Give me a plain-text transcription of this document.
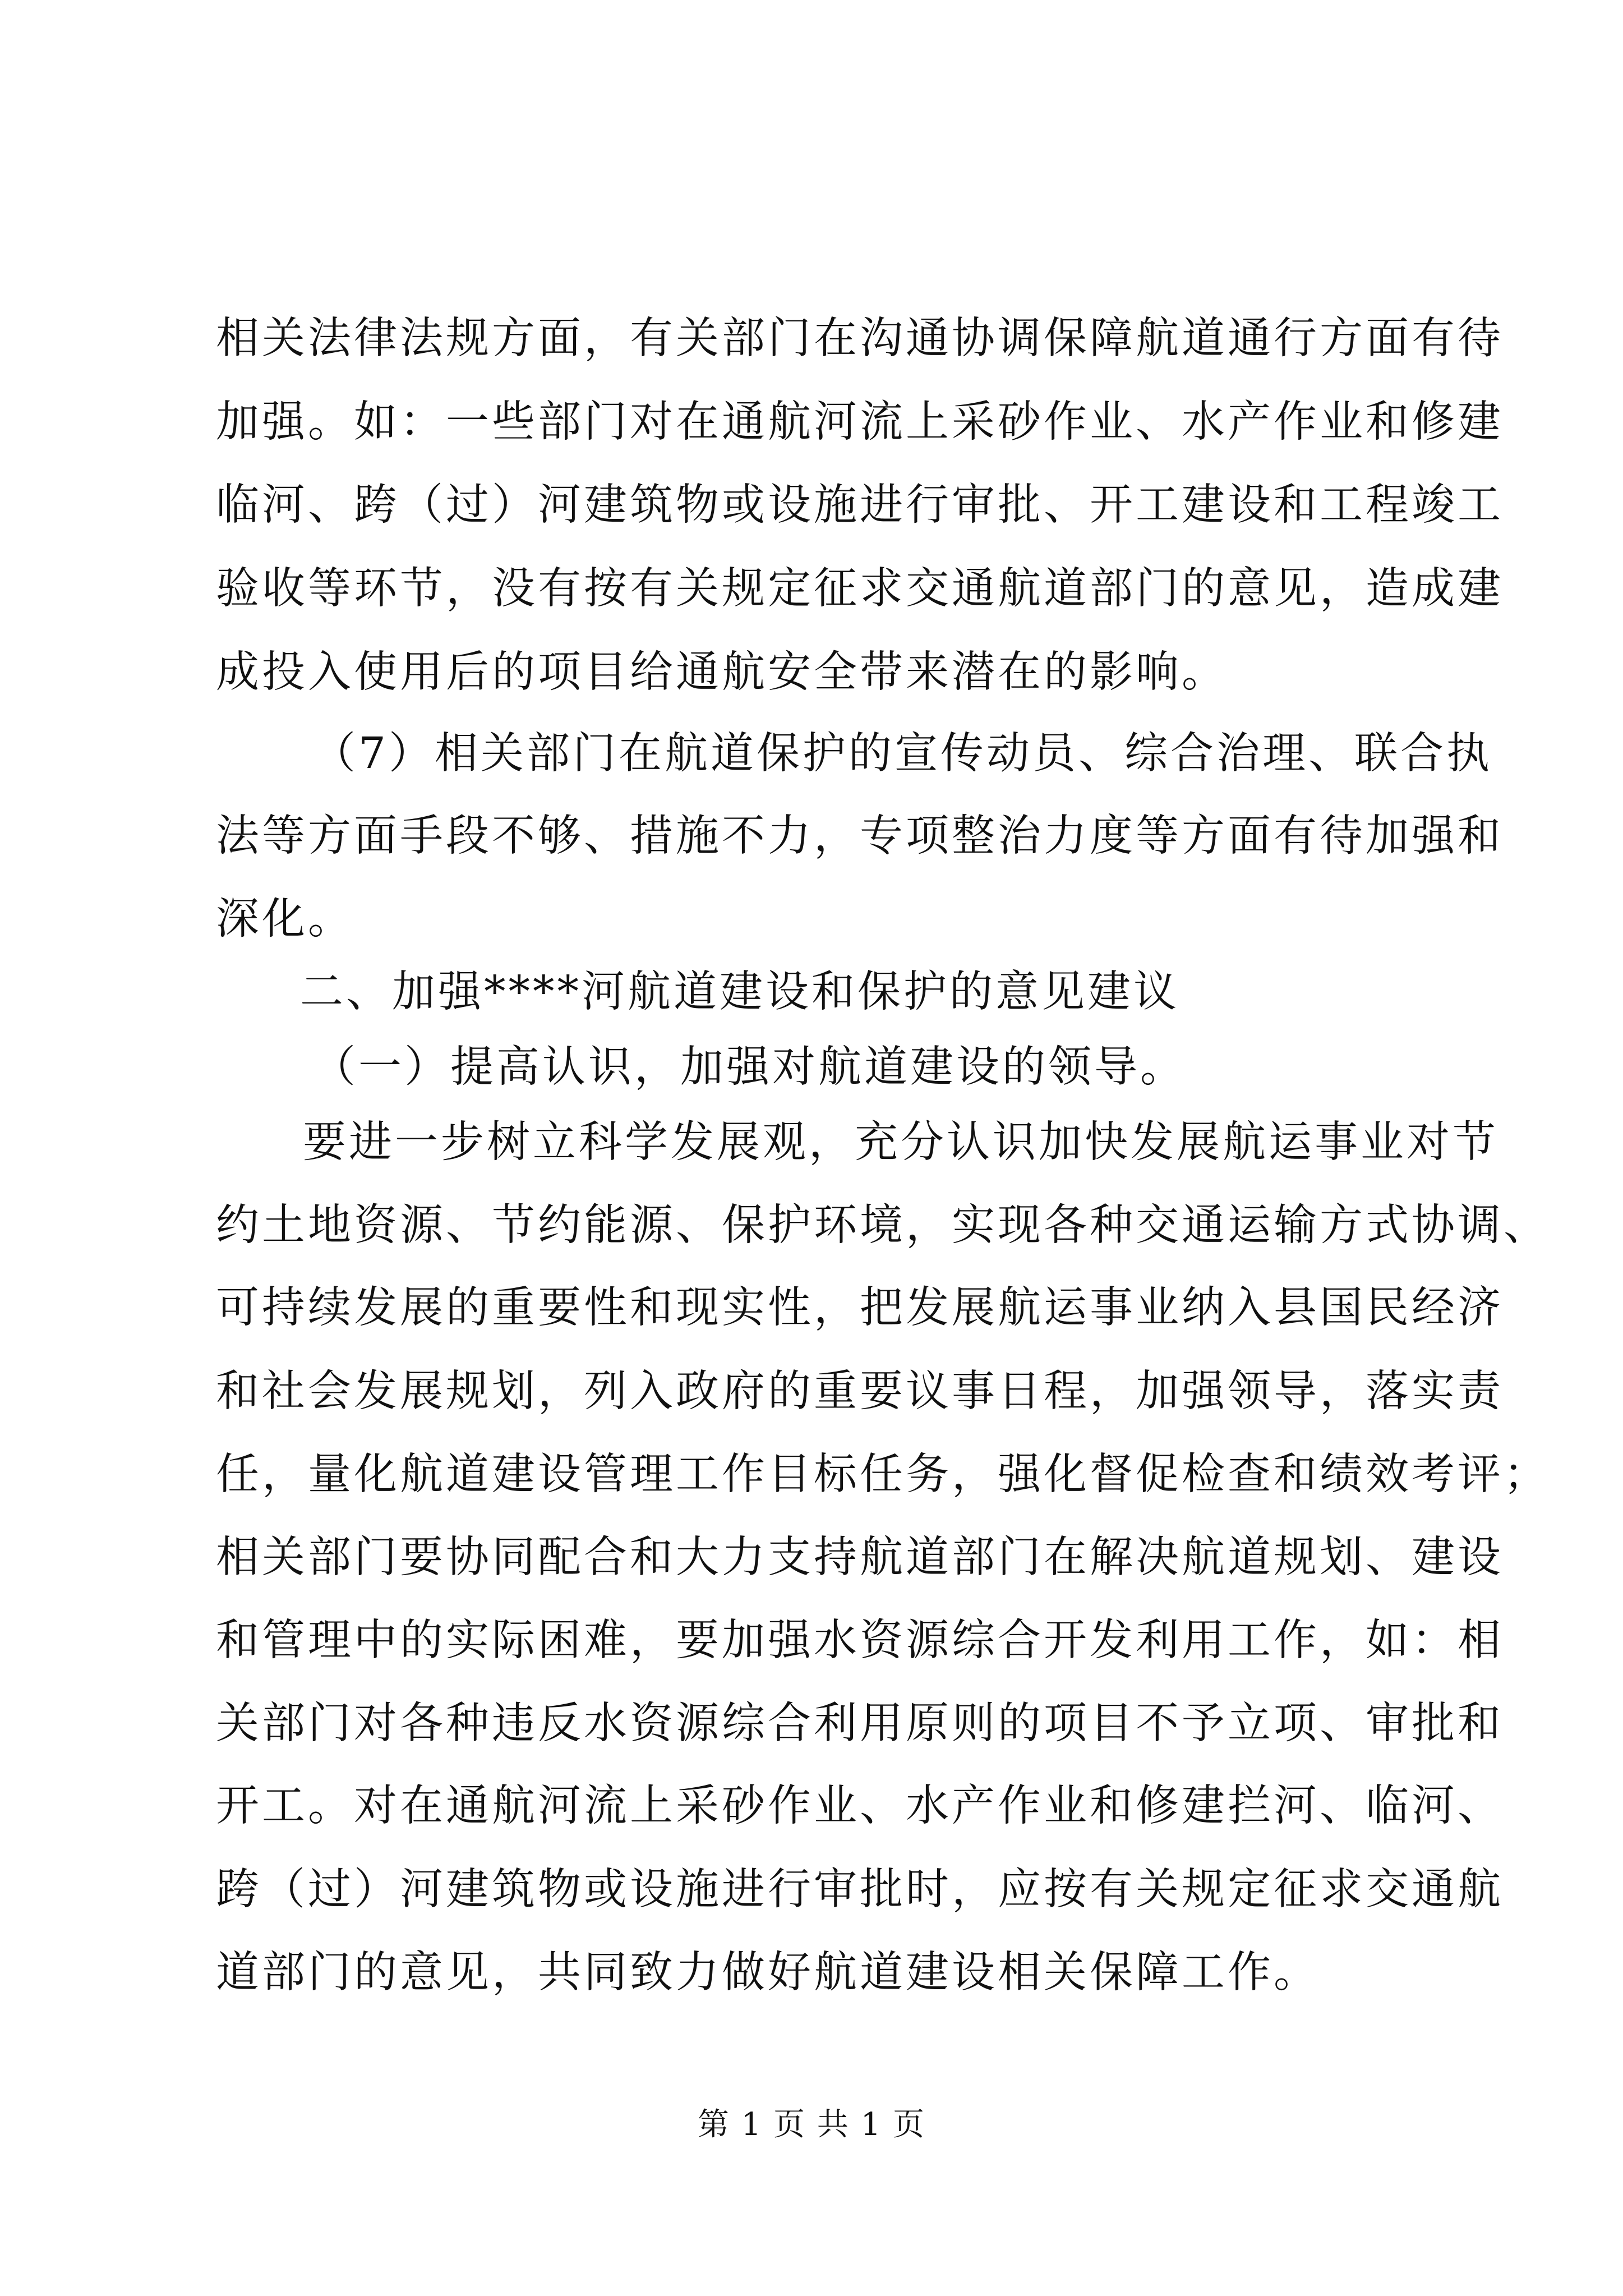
相关法律法规方面，有关部门在沟通协调保障航道通行方面有待
加强。如：一些部门对在通航河流上采砂作业、水产作业和修建
临河、跨（过）河建筑物或设施进行审批、开工建设和工程竣工
验收等环节，没有按有关规定征求交通航道部门的意见，造成建
成投入使用后的项目给通航安全带来潜在的影响。
（7）相关部门在航道保护的宣传动员、综合治理、联合执
法等方面手段不够、措施不力，专项整治力度等方面有待加强和
深化。
二、加强****河航道建设和保护的意见建议
（一）提高认识，加强对航道建设的领导。
要进一步树立科学发展观，充分认识加快发展航运事业对节
约土地资源、节约能源、保护环境，实现各种交通运输方式协调、
可持续发展的重要性和现实性，把发展航运事业纳入县国民经济
和社会发展规划，列入政府的重要议事日程，加强领导，落实责
任，量化航道建设管理工作目标任务，强化督促检查和绩效考评；
相关部门要协同配合和大力支持航道部门在解决航道规划、建设
和管理中的实际困难，要加强水资源综合开发利用工作，如：相
关部门对各种违反水资源综合利用原则的项目不予立项、审批和
开工。对在通航河流上采砂作业、水产作业和修建拦河、临河、
跨（过）河建筑物或设施进行审批时，应按有关规定征求交通航
道部门的意见，共同致力做好航道建设相关保障工作。
第 1 页 共 1 页
